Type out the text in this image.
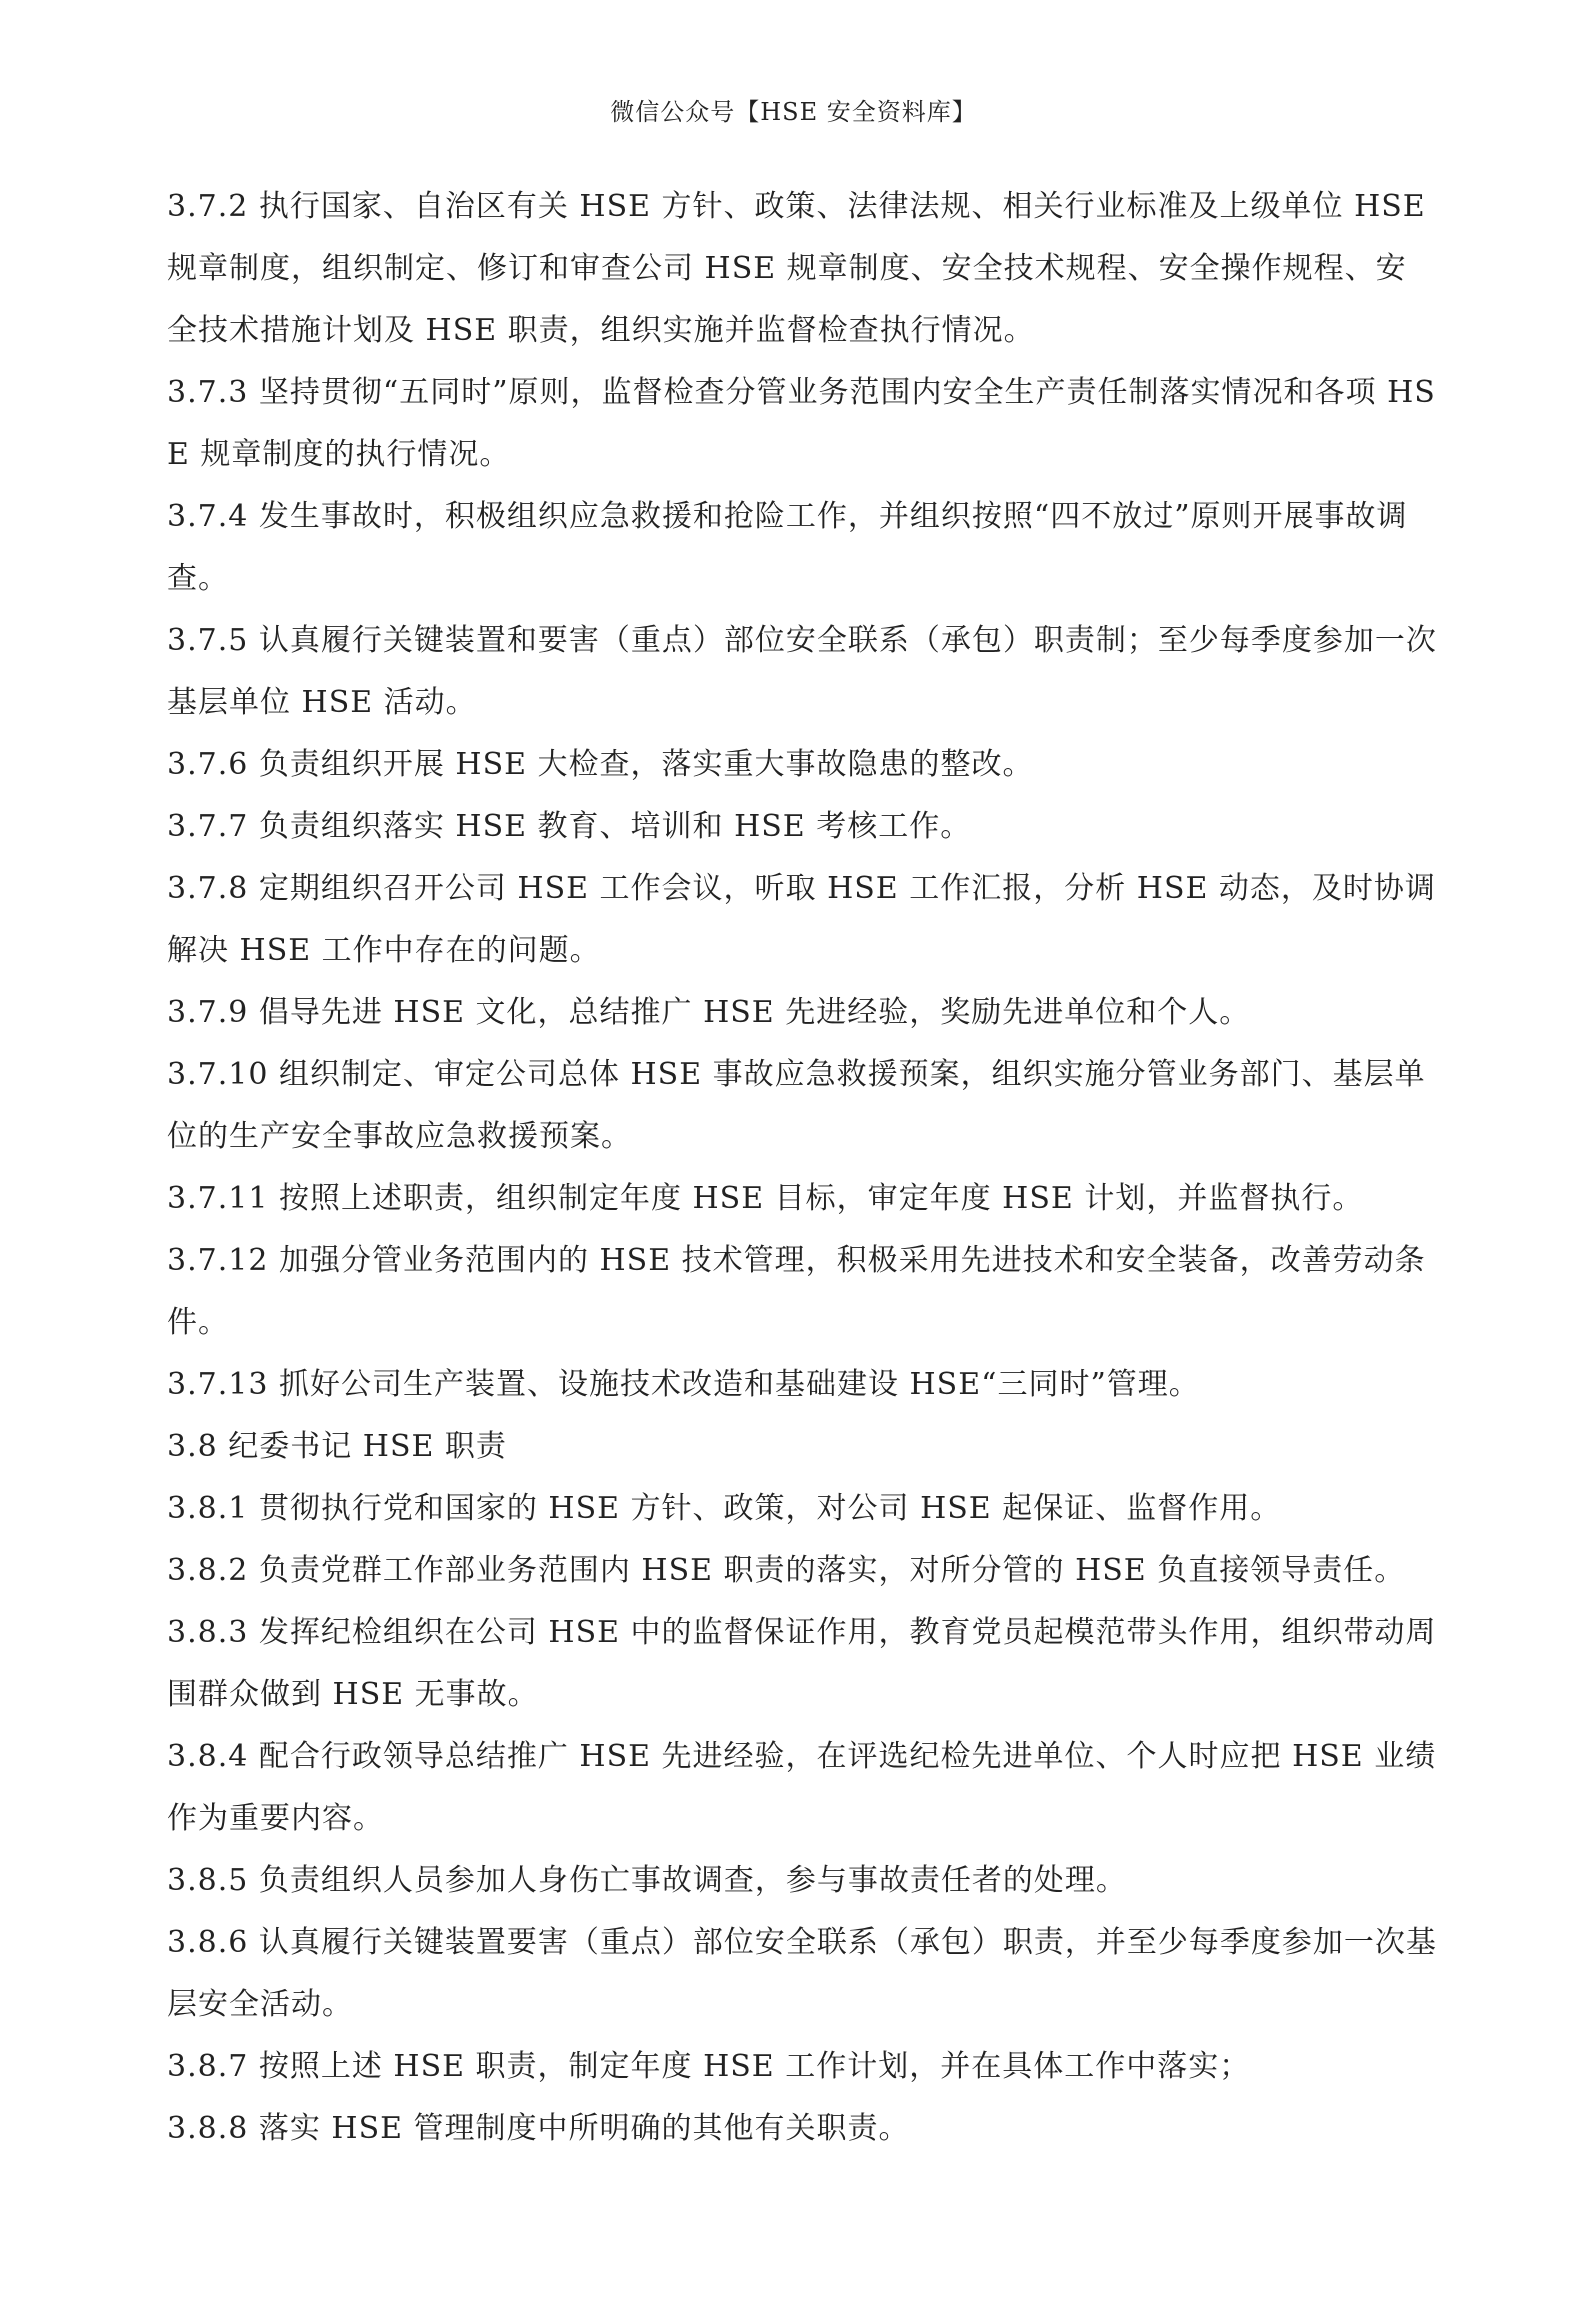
微信公众号【HSE 安全资料库】

3.7.2 执行国家、自治区有关 HSE 方针、政策、法律法规、相关行业标准及上级单位 HSE 规章制度，组织制定、修订和审查公司 HSE 规章制度、安全技术规程、安全操作规程、安全技术措施计划及 HSE 职责，组织实施并监督检查执行情况。

3.7.3 坚持贯彻“五同时”原则，监督检查分管业务范围内安全生产责任制落实情况和各项 HSE 规章制度的执行情况。

3.7.4 发生事故时，积极组织应急救援和抢险工作，并组织按照“四不放过”原则开展事故调查。

3.7.5 认真履行关键装置和要害（重点）部位安全联系（承包）职责制；至少每季度参加一次基层单位 HSE 活动。

3.7.6 负责组织开展 HSE 大检查，落实重大事故隐患的整改。

3.7.7 负责组织落实 HSE 教育、培训和 HSE 考核工作。

3.7.8 定期组织召开公司 HSE 工作会议，听取 HSE 工作汇报，分析 HSE 动态，及时协调解决 HSE 工作中存在的问题。

3.7.9 倡导先进 HSE 文化，总结推广 HSE 先进经验，奖励先进单位和个人。

3.7.10 组织制定、审定公司总体 HSE 事故应急救援预案，组织实施分管业务部门、基层单位的生产安全事故应急救援预案。

3.7.11 按照上述职责，组织制定年度 HSE 目标，审定年度 HSE 计划，并监督执行。

3.7.12 加强分管业务范围内的 HSE 技术管理，积极采用先进技术和安全装备，改善劳动条件。

3.7.13 抓好公司生产装置、设施技术改造和基础建设 HSE“三同时”管理。

3.8 纪委书记 HSE 职责

3.8.1 贯彻执行党和国家的 HSE 方针、政策，对公司 HSE 起保证、监督作用。

3.8.2 负责党群工作部业务范围内 HSE 职责的落实，对所分管的 HSE 负直接领导责任。

3.8.3 发挥纪检组织在公司 HSE 中的监督保证作用，教育党员起模范带头作用，组织带动周围群众做到 HSE 无事故。

3.8.4 配合行政领导总结推广 HSE 先进经验，在评选纪检先进单位、个人时应把 HSE 业绩作为重要内容。

3.8.5 负责组织人员参加人身伤亡事故调查，参与事故责任者的处理。

3.8.6 认真履行关键装置要害（重点）部位安全联系（承包）职责，并至少每季度参加一次基层安全活动。

3.8.7 按照上述 HSE 职责，制定年度 HSE 工作计划，并在具体工作中落实；

3.8.8 落实 HSE 管理制度中所明确的其他有关职责。
